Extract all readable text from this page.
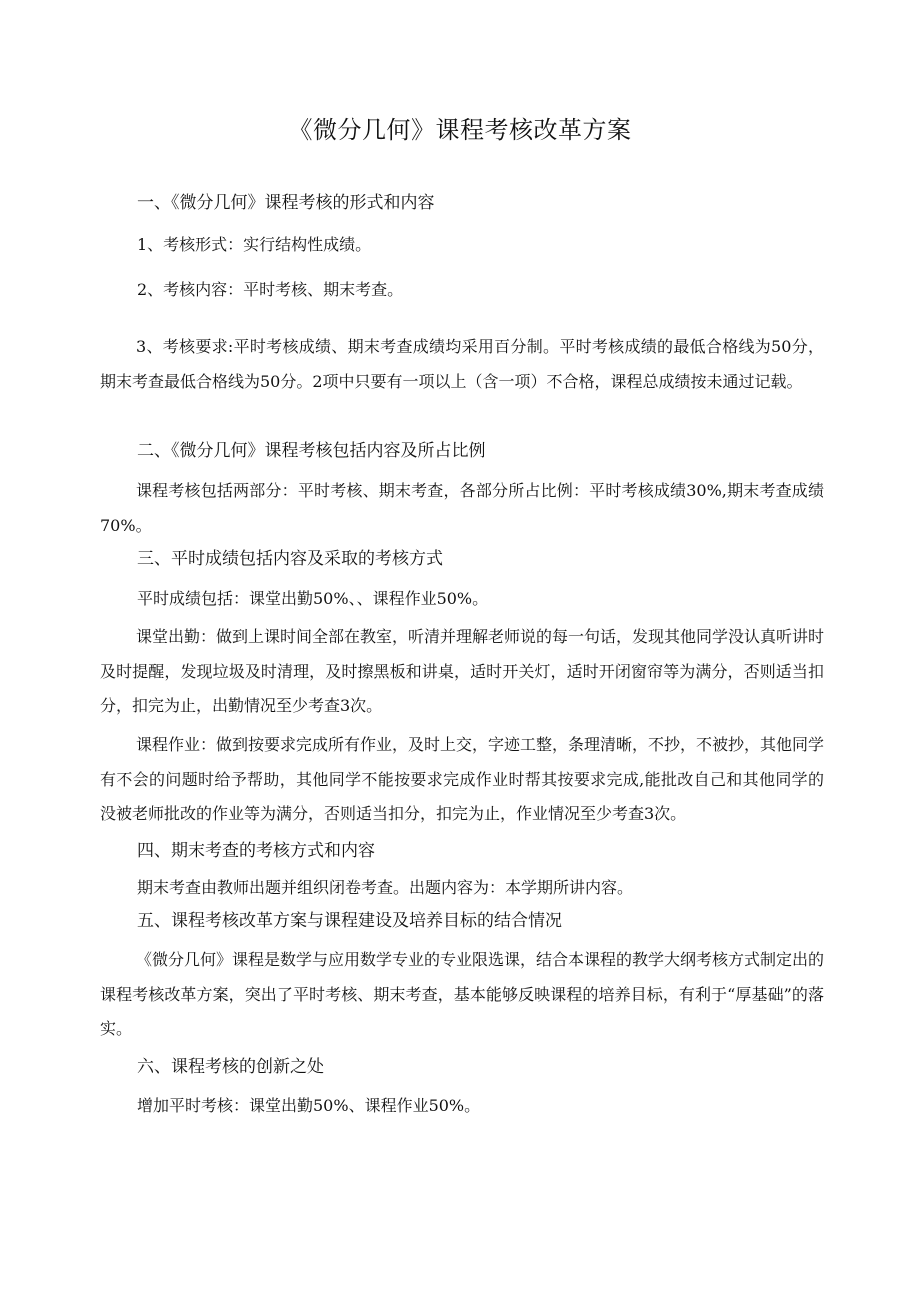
《微分几何》课程考核改革方案
一、《微分几何》课程考核的形式和内容
1、考核形式：实行结构性成绩。
2、考核内容：平时考核、期末考查。
3、考核要求:平时考核成绩、期末考查成绩均采用百分制。平时考核成绩的最低合格线为50分，期末考查最低合格线为50分。2项中只要有一项以上（含一项）不合格，课程总成绩按未通过记载。
二、《微分几何》课程考核包括内容及所占比例
课程考核包括两部分：平时考核、期末考查，各部分所占比例：平时考核成绩30%,期末考查成绩70%。
三、平时成绩包括内容及采取的考核方式
平时成绩包括：课堂出勤50%、、课程作业50%。
课堂出勤：做到上课时间全部在教室，听清并理解老师说的每一句话，发现其他同学没认真听讲时及时提醒，发现垃圾及时清理，及时擦黑板和讲桌，适时开关灯，适时开闭窗帘等为满分，否则适当扣分，扣完为止，出勤情况至少考查3次。
课程作业：做到按要求完成所有作业，及时上交，字迹工整，条理清晰，不抄，不被抄，其他同学有不会的问题时给予帮助，其他同学不能按要求完成作业时帮其按要求完成,能批改自己和其他同学的没被老师批改的作业等为满分，否则适当扣分，扣完为止，作业情况至少考查3次。
四、期末考查的考核方式和内容
期末考查由教师出题并组织闭卷考查。出题内容为：本学期所讲内容。
五、课程考核改革方案与课程建设及培养目标的结合情况
《微分几何》课程是数学与应用数学专业的专业限选课，结合本课程的教学大纲考核方式制定出的课程考核改革方案，突出了平时考核、期末考查，基本能够反映课程的培养目标，有利于“厚基础”的落实。
六、课程考核的创新之处
增加平时考核：课堂出勤50%、课程作业50%。
